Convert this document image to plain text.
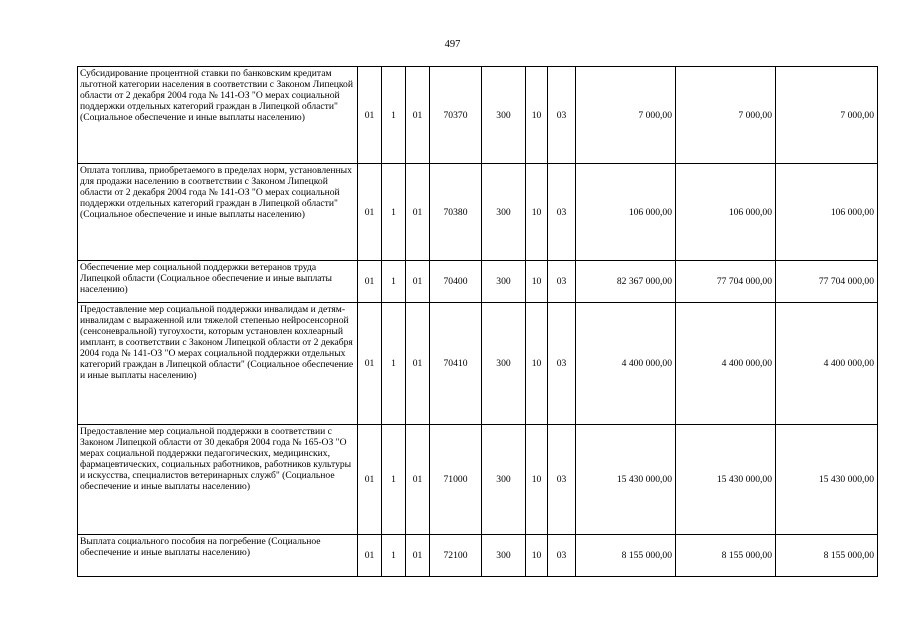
497
Субсидирование процентной ставки по банковским кредитам льготной категории населения в соответствии с Законом Липецкой области от 2 декабря 2004 года № 141-ОЗ "О мерах социальной поддержки отдельных категорий граждан в Липецкой области" (Социальное обеспечение и иные выплаты населению)	01	1	01	70370	300	10	03	7 000,00	7 000,00	7 000,00
Оплата топлива, приобретаемого в пределах норм, установленных для продажи населению в соответствии с Законом Липецкой области от 2 декабря 2004 года № 141-ОЗ "О мерах социальной поддержки отдельных категорий граждан в Липецкой области" (Социальное обеспечение и иные выплаты населению)	01	1	01	70380	300	10	03	106 000,00	106 000,00	106 000,00
Обеспечение мер социальной поддержки ветеранов труда Липецкой области (Социальное обеспечение и иные выплаты населению)	01	1	01	70400	300	10	03	82 367 000,00	77 704 000,00	77 704 000,00
Предоставление мер социальной поддержки инвалидам и детям-инвалидам с выраженной или тяжелой степенью нейросенсорной (сенсоневральной) тугоухости, которым установлен кохлеарный имплант, в соответствии с Законом Липецкой области от 2 декабря 2004 года № 141-ОЗ "О мерах социальной поддержки отдельных категорий граждан в Липецкой области" (Социальное обеспечение и иные выплаты населению)	01	1	01	70410	300	10	03	4 400 000,00	4 400 000,00	4 400 000,00
Предоставление мер социальной поддержки в соответствии с Законом Липецкой области от 30 декабря 2004 года № 165-ОЗ "О мерах социальной поддержки педагогических, медицинских, фармацевтических, социальных работников, работников культуры и искусства, специалистов ветеринарных служб" (Социальное обеспечение и иные выплаты населению)	01	1	01	71000	300	10	03	15 430 000,00	15 430 000,00	15 430 000,00
Выплата социального пособия на погребение (Социальное обеспечение и иные выплаты населению)	01	1	01	72100	300	10	03	8 155 000,00	8 155 000,00	8 155 000,00
